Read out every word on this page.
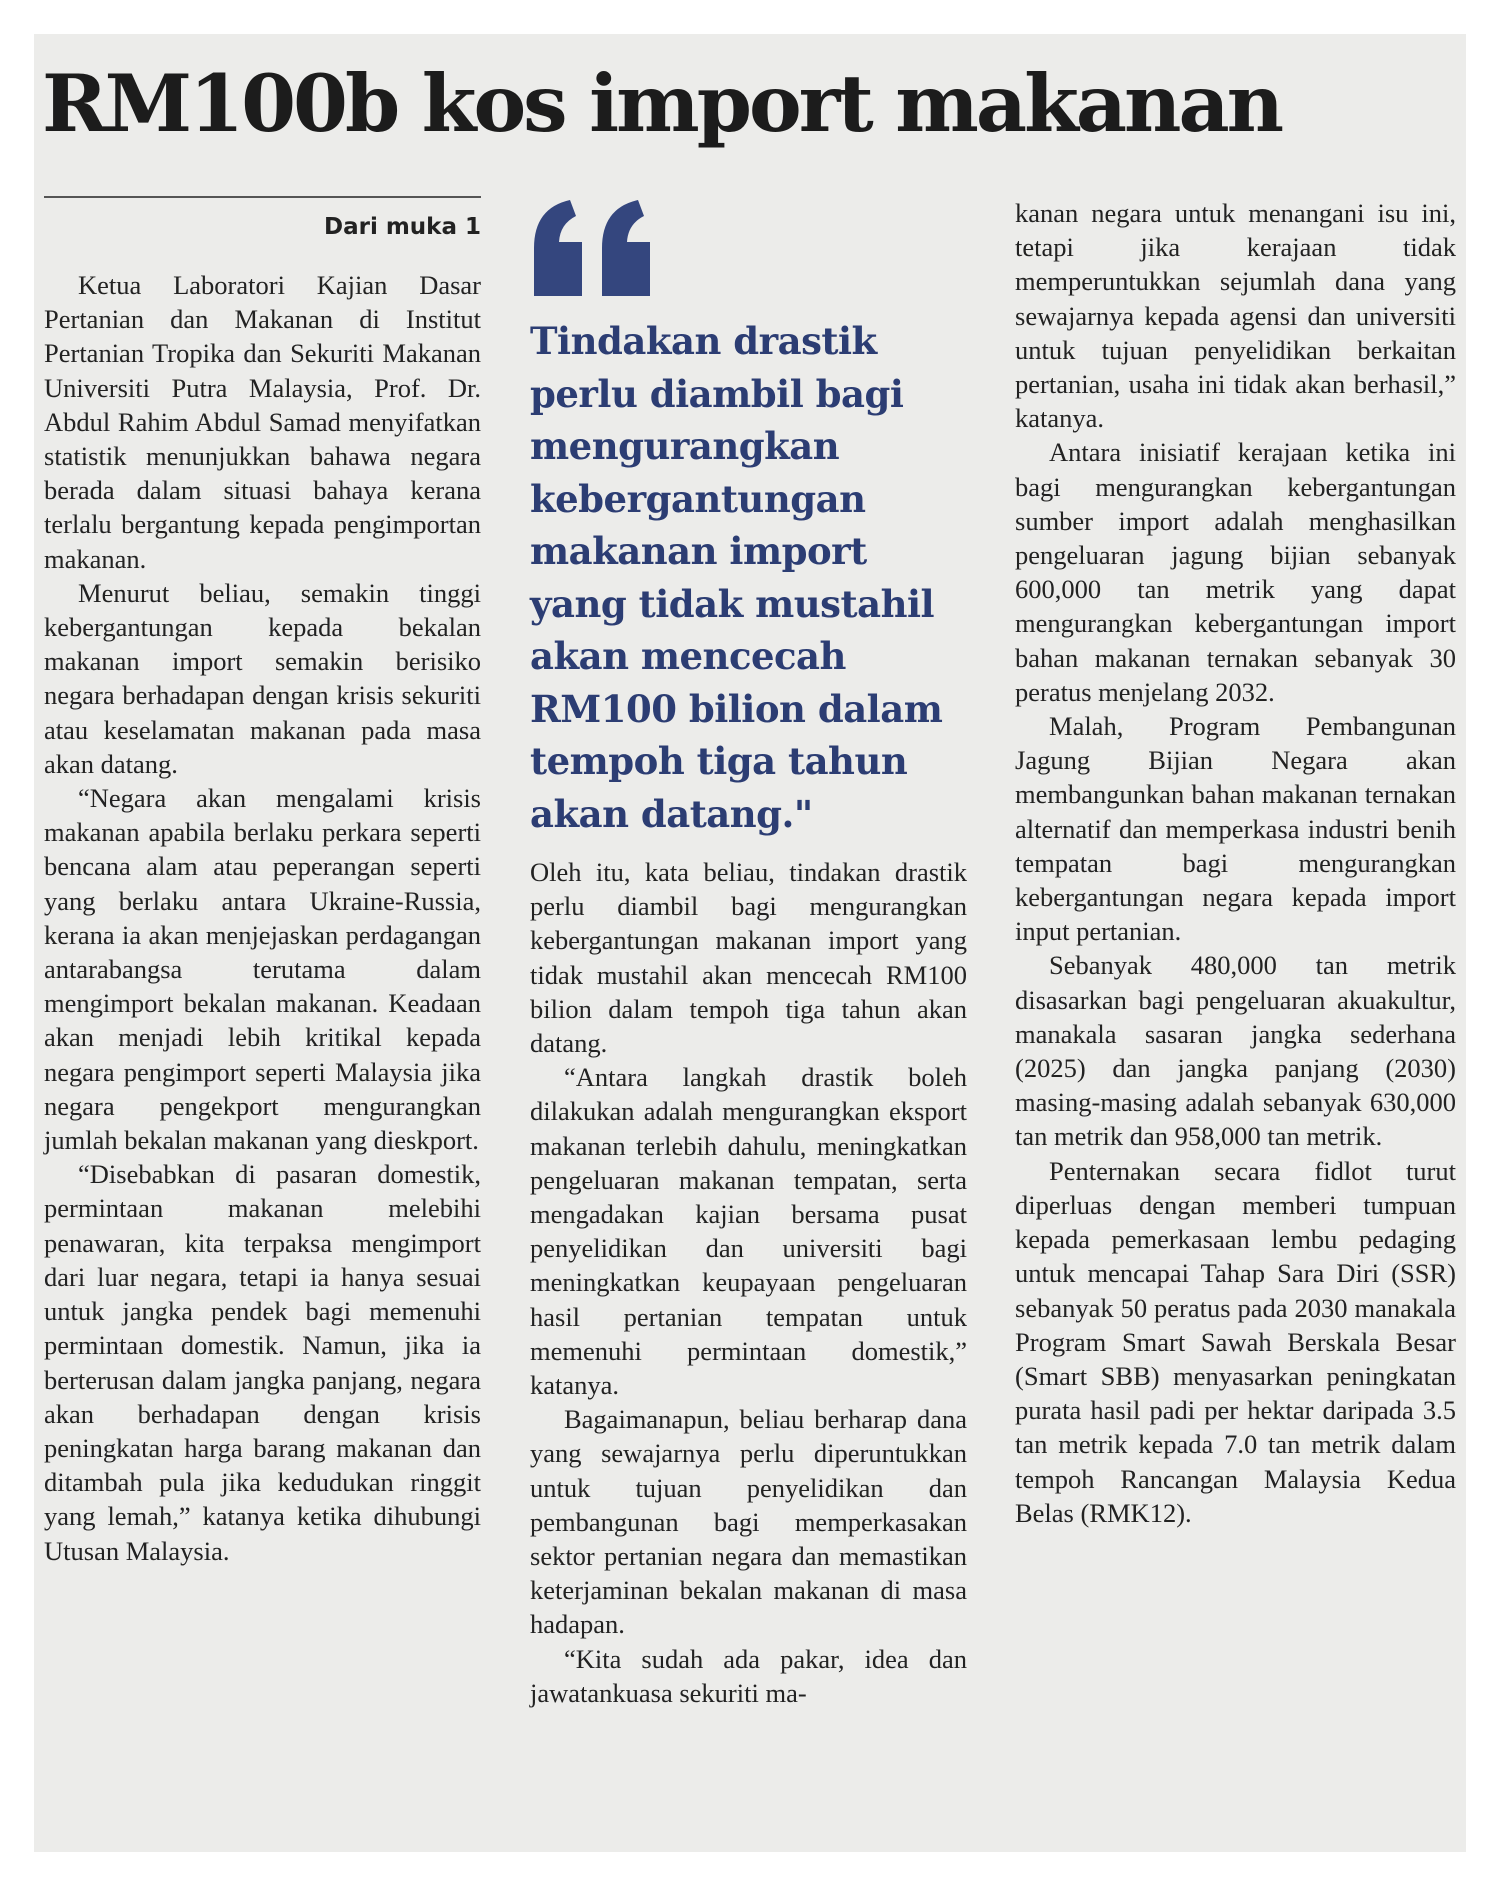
RM100b kos import makanan
Dari muka 1

Ketua Laboratori Kajian Dasar Pertanian dan Makanan di Institut Pertanian Tropika dan Sekuriti Makanan Universiti Putra Malaysia, Prof. Dr. Abdul Rahim Abdul Samad menyifatkan statistik menunjukkan bahawa negara berada dalam situasi bahaya kerana terlalu bergantung kepada pengimportan makanan.

Menurut beliau, semakin tinggi kebergantungan kepada bekalan makanan import semakin berisiko negara berhadapan dengan krisis sekuriti atau keselamatan makanan pada masa akan datang.

“Negara akan mengalami krisis makanan apabila berlaku perkara seperti bencana alam atau peperangan seperti yang berlaku antara Ukraine-Russia, kerana ia akan menjejaskan perdagangan antarabangsa terutama dalam mengimport bekalan makanan. Keadaan akan menjadi lebih kritikal kepada negara pengimport seperti Malaysia jika negara pengekport mengurangkan jumlah bekalan makanan yang dieskport.

“Disebabkan di pasaran domestik, permintaan makanan melebihi penawaran, kita terpaksa mengimport dari luar negara, tetapi ia hanya sesuai untuk jangka pendek bagi memenuhi permintaan domestik. Namun, jika ia berterusan dalam jangka panjang, negara akan berhadapan dengan krisis peningkatan harga barang makanan dan ditambah pula jika kedudukan ringgit yang lemah,” katanya ketika dihubungi Utusan Malaysia.

Tindakan drastik
perlu diambil bagi
mengurangkan
kebergantungan
makanan import
yang tidak mustahil
akan mencecah
RM100 bilion dalam
tempoh tiga tahun
akan datang."

Oleh itu, kata beliau, tindakan drastik perlu diambil bagi mengurangkan kebergantungan makanan import yang tidak mustahil akan mencecah RM100 bilion dalam tempoh tiga tahun akan datang.

“Antara langkah drastik boleh dilakukan adalah mengurangkan eksport makanan terlebih dahulu, meningkatkan pengeluaran makanan tempatan, serta mengadakan kajian bersama pusat penyelidikan dan universiti bagi meningkatkan keupayaan pengeluaran hasil pertanian tempatan untuk memenuhi permintaan domestik,” katanya.

Bagaimanapun, beliau berharap dana yang sewajarnya perlu diperuntukkan untuk tujuan penyelidikan dan pembangunan bagi memperkasakan sektor pertanian negara dan memastikan keterjaminan bekalan makanan di masa hadapan.

“Kita sudah ada pakar, idea dan jawatankuasa sekuriti ma-

kanan negara untuk menangani isu ini, tetapi jika kerajaan tidak memperuntukkan sejumlah dana yang sewajarnya kepada agensi dan universiti untuk tujuan penyelidikan berkaitan pertanian, usaha ini tidak akan berhasil,” katanya.

Antara inisiatif kerajaan ketika ini bagi mengurangkan kebergantungan sumber import adalah menghasilkan pengeluaran jagung bijian sebanyak 600,000 tan metrik yang dapat mengurangkan kebergantungan import bahan makanan ternakan sebanyak 30 peratus menjelang 2032.

Malah, Program Pembangunan Jagung Bijian Negara akan membangunkan bahan makanan ternakan alternatif dan memperkasa industri benih tempatan bagi mengurangkan kebergantungan negara kepada import input pertanian.

Sebanyak 480,000 tan metrik disasarkan bagi pengeluaran akuakultur, manakala sasaran jangka sederhana (2025) dan jangka panjang (2030) masing-masing adalah sebanyak 630,000 tan metrik dan 958,000 tan metrik.

Penternakan secara fidlot turut diperluas dengan memberi tumpuan kepada pemerkasaan lembu pedaging untuk mencapai Tahap Sara Diri (SSR) sebanyak 50 peratus pada 2030 manakala Program Smart Sawah Berskala Besar (Smart SBB) menyasarkan peningkatan purata hasil padi per hektar daripada 3.5 tan metrik kepada 7.0 tan metrik dalam tempoh Rancangan Malaysia Kedua Belas (RMK12).
